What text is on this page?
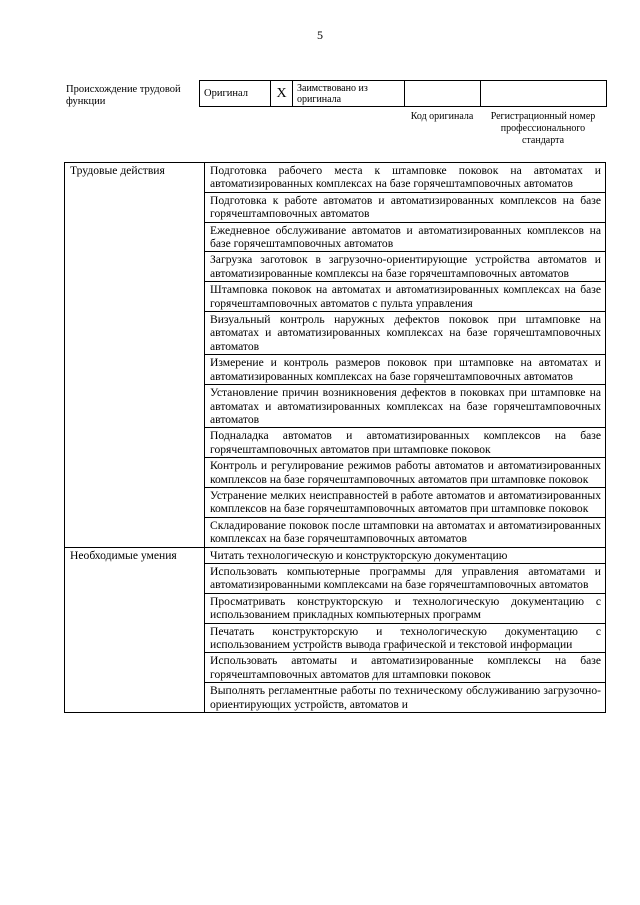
5
Происхождение трудовой функции
Оригинал	X	Заимствовано из оригинала		
Код оригинала	Регистрационный номер профессионального стандарта
Трудовые действия	Подготовка рабочего места к штамповке поковок на автоматах и автоматизированных комплексах на базе горячештамповочных автоматов
	Подготовка к работе автоматов и автоматизированных комплексов на базе горячештамповочных автоматов
	Ежедневное обслуживание автоматов и автоматизированных комплексов на базе горячештамповочных автоматов
	Загрузка заготовок в загрузочно-ориентирующие устройства автоматов и автоматизированные комплексы на базе горячештамповочных автоматов
	Штамповка поковок на автоматах и автоматизированных комплексах на базе горячештамповочных автоматов с пульта управления
	Визуальный контроль наружных дефектов поковок при штамповке на автоматах и автоматизированных комплексах на базе горячештамповочных автоматов
	Измерение и контроль размеров поковок при штамповке на автоматах и автоматизированных комплексах на базе горячештамповочных автоматов
	Установление причин возникновения дефектов в поковках при штамповке на автоматах и автоматизированных комплексах на базе горячештамповочных автоматов
	Подналадка автоматов и автоматизированных комплексов на базе горячештамповочных автоматов при штамповке поковок
	Контроль и регулирование режимов работы автоматов и автоматизированных комплексов на базе горячештамповочных автоматов при штамповке поковок
	Устранение мелких неисправностей в работе автоматов и автоматизированных комплексов на базе горячештамповочных автоматов при штамповке поковок
	Складирование поковок после штамповки на автоматах и автоматизированных комплексах на базе горячештамповочных автоматов
Необходимые умения	Читать технологическую и конструкторскую документацию
	Использовать компьютерные программы для управления автоматами и автоматизированными комплексами на базе горячештамповочных автоматов
	Просматривать конструкторскую и технологическую документацию с использованием прикладных компьютерных программ
	Печатать конструкторскую и технологическую документацию с использованием устройств вывода графической и текстовой информации
	Использовать автоматы и автоматизированные комплексы на базе горячештамповочных автоматов для штамповки поковок
	Выполнять регламентные работы по техническому обслуживанию загрузочно-ориентирующих устройств, автоматов и
